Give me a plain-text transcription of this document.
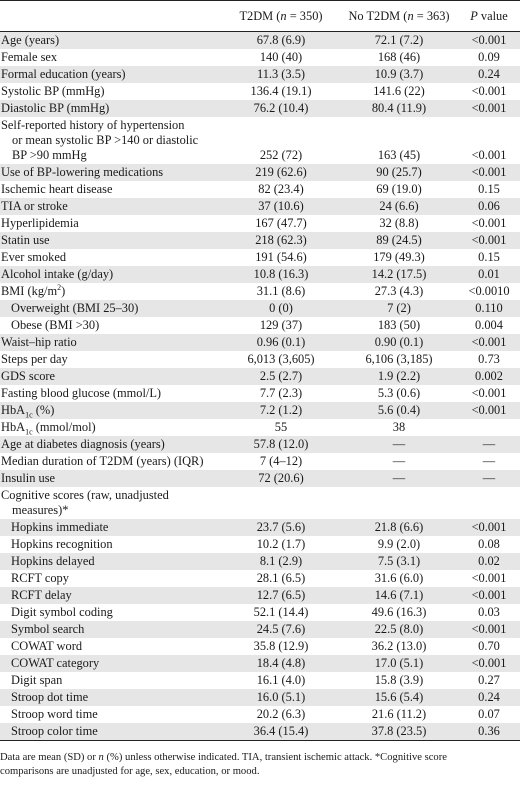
	T2DM (n = 350)	No T2DM (n = 363)	P value
Age (years)	67.8 (6.9)	72.1 (7.2)	<0.001
Female sex	140 (40)	168 (46)	0.09
Formal education (years)	11.3 (3.5)	10.9 (3.7)	0.24
Systolic BP (mmHg)	136.4 (19.1)	141.6 (22)	<0.001
Diastolic BP (mmHg)	76.2 (10.4)	80.4 (11.9)	<0.001

Self-reported history of hypertension
or mean systolic BP >140 or diastolic
BP >90 mmHg	252 (72)	163 (45)	<0.001
Use of BP-lowering medications	219 (62.6)	90 (25.7)	<0.001
Ischemic heart disease	82 (23.4)	69 (19.0)	0.15
TIA or stroke	37 (10.6)	24 (6.6)	0.06
Hyperlipidemia	167 (47.7)	32 (8.8)	<0.001
Statin use	218 (62.3)	89 (24.5)	<0.001
Ever smoked	191 (54.6)	179 (49.3)	0.15
Alcohol intake (g/day)	10.8 (16.3)	14.2 (17.5)	0.01
BMI $(kg/m^2)$	31.1 (8.6)	27.3 (4.3)	<0.0010
Overweight (BMI 25–30)	0 (0)	7 (2)	0.110
Obese (BMI >30)	129 (37)	183 (50)	0.004
Waist–hip ratio	0.96 (0.1)	0.90 (0.1)	<0.001
Steps per day	6,013 (3,605)	6,106 (3,185)	0.73
GDS score	2.5 (2.7)	1.9 (2.2)	0.002
Fasting blood glucose (mmol/L)	7.7 (2.3)	5.3 (0.6)	<0.001
HbA$_{1c}$ (%)	7.2 (1.2)	5.6 (0.4)	<0.001
HbA$_{1c}$ (mmol/mol)	55	38	
Age at diabetes diagnosis (years)	57.8 (12.0)	—	—
Median duration of T2DM (years) (IQR)	7 (4–12)	—	—
Insulin use	72 (20.6)	—	—

Cognitive scores (raw, unadjusted
measures)*			

Hopkins immediate	23.7 (5.6)	21.8 (6.6)	<0.001
Hopkins recognition	10.2 (1.7)	9.9 (2.0)	0.08
Hopkins delayed	8.1 (2.9)	7.5 (3.1)	0.02
RCFT copy	28.1 (6.5)	31.6 (6.0)	<0.001
RCFT delay	12.7 (6.5)	14.6 (7.1)	<0.001
Digit symbol coding	52.1 (14.4)	49.6 (16.3)	0.03
Symbol search	24.5 (7.6)	22.5 (8.0)	<0.001
COWAT word	35.8 (12.9)	36.2 (13.0)	0.70
COWAT category	18.4 (4.8)	17.0 (5.1)	<0.001
Digit span	16.1 (4.0)	15.8 (3.9)	0.27
Stroop dot time	16.0 (5.1)	15.6 (5.4)	0.24
Stroop word time	20.2 (6.3)	21.6 (11.2)	0.07
Stroop color time	36.4 (15.4)	37.8 (23.5)	0.36
Data are mean (SD) or n (%) unless otherwise indicated. TIA, transient ischemic attack. *Cognitive score
comparisons are unadjusted for age, sex, education, or mood.
